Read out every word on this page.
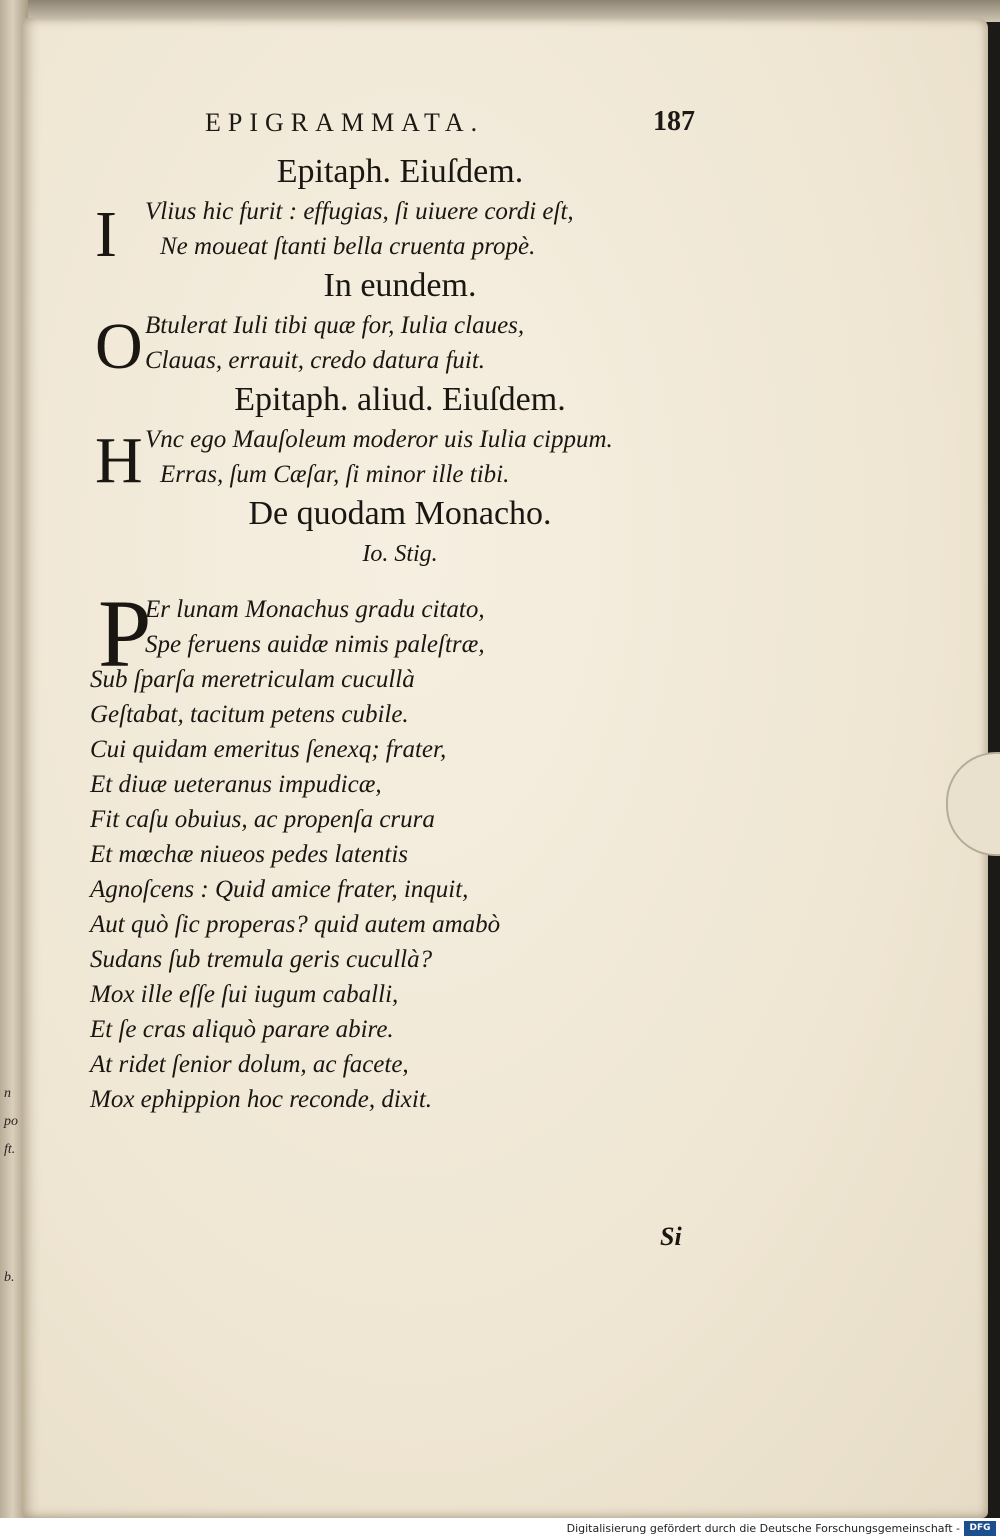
n
po
ft.
b.
EPIGRAMMATA.	187
Epitaph. Eiuſdem.
I	Vlius hic furit : effugias, ſi uiuere cordi eſt,
Ne moueat ſtanti bella cruenta propè.
In eundem.
O Btulerat Iuli tibi quæ for, Iulia claues,
Clauas, errauit, credo datura fuit.
Epitaph. aliud. Eiuſdem.
H Vnc ego Mauſoleum moderor uis Iulia cippum.
Erras, ſum Cæſar, ſi minor ille tibi.
De quodam Monacho.
Io. Stig.
P
Er lunam Monachus gradu citato,
Spe feruens auidæ nimis paleſtræ,
Sub ſparſa meretriculam cucullà
Geſtabat, tacitum petens cubile.
Cui quidam emeritus ſenexq; frater,
Et diuæ ueteranus impudicæ,
Fit caſu obuius, ac propenſa crura
Et mœchæ niueos pedes latentis
Agnoſcens : Quid amice frater, inquit,
Aut quò ſic properas? quid autem amabò
Sudans ſub tremula geris cucullà?
Mox ille eſſe ſui iugum caballi,
Et ſe cras aliquò parare abire.
At ridet ſenior dolum, ac facete,
Mox ephippion hoc reconde, dixit.
Si
Digitalisierung gefördert durch die Deutsche Forschungsgemeinschaft -	DFG
